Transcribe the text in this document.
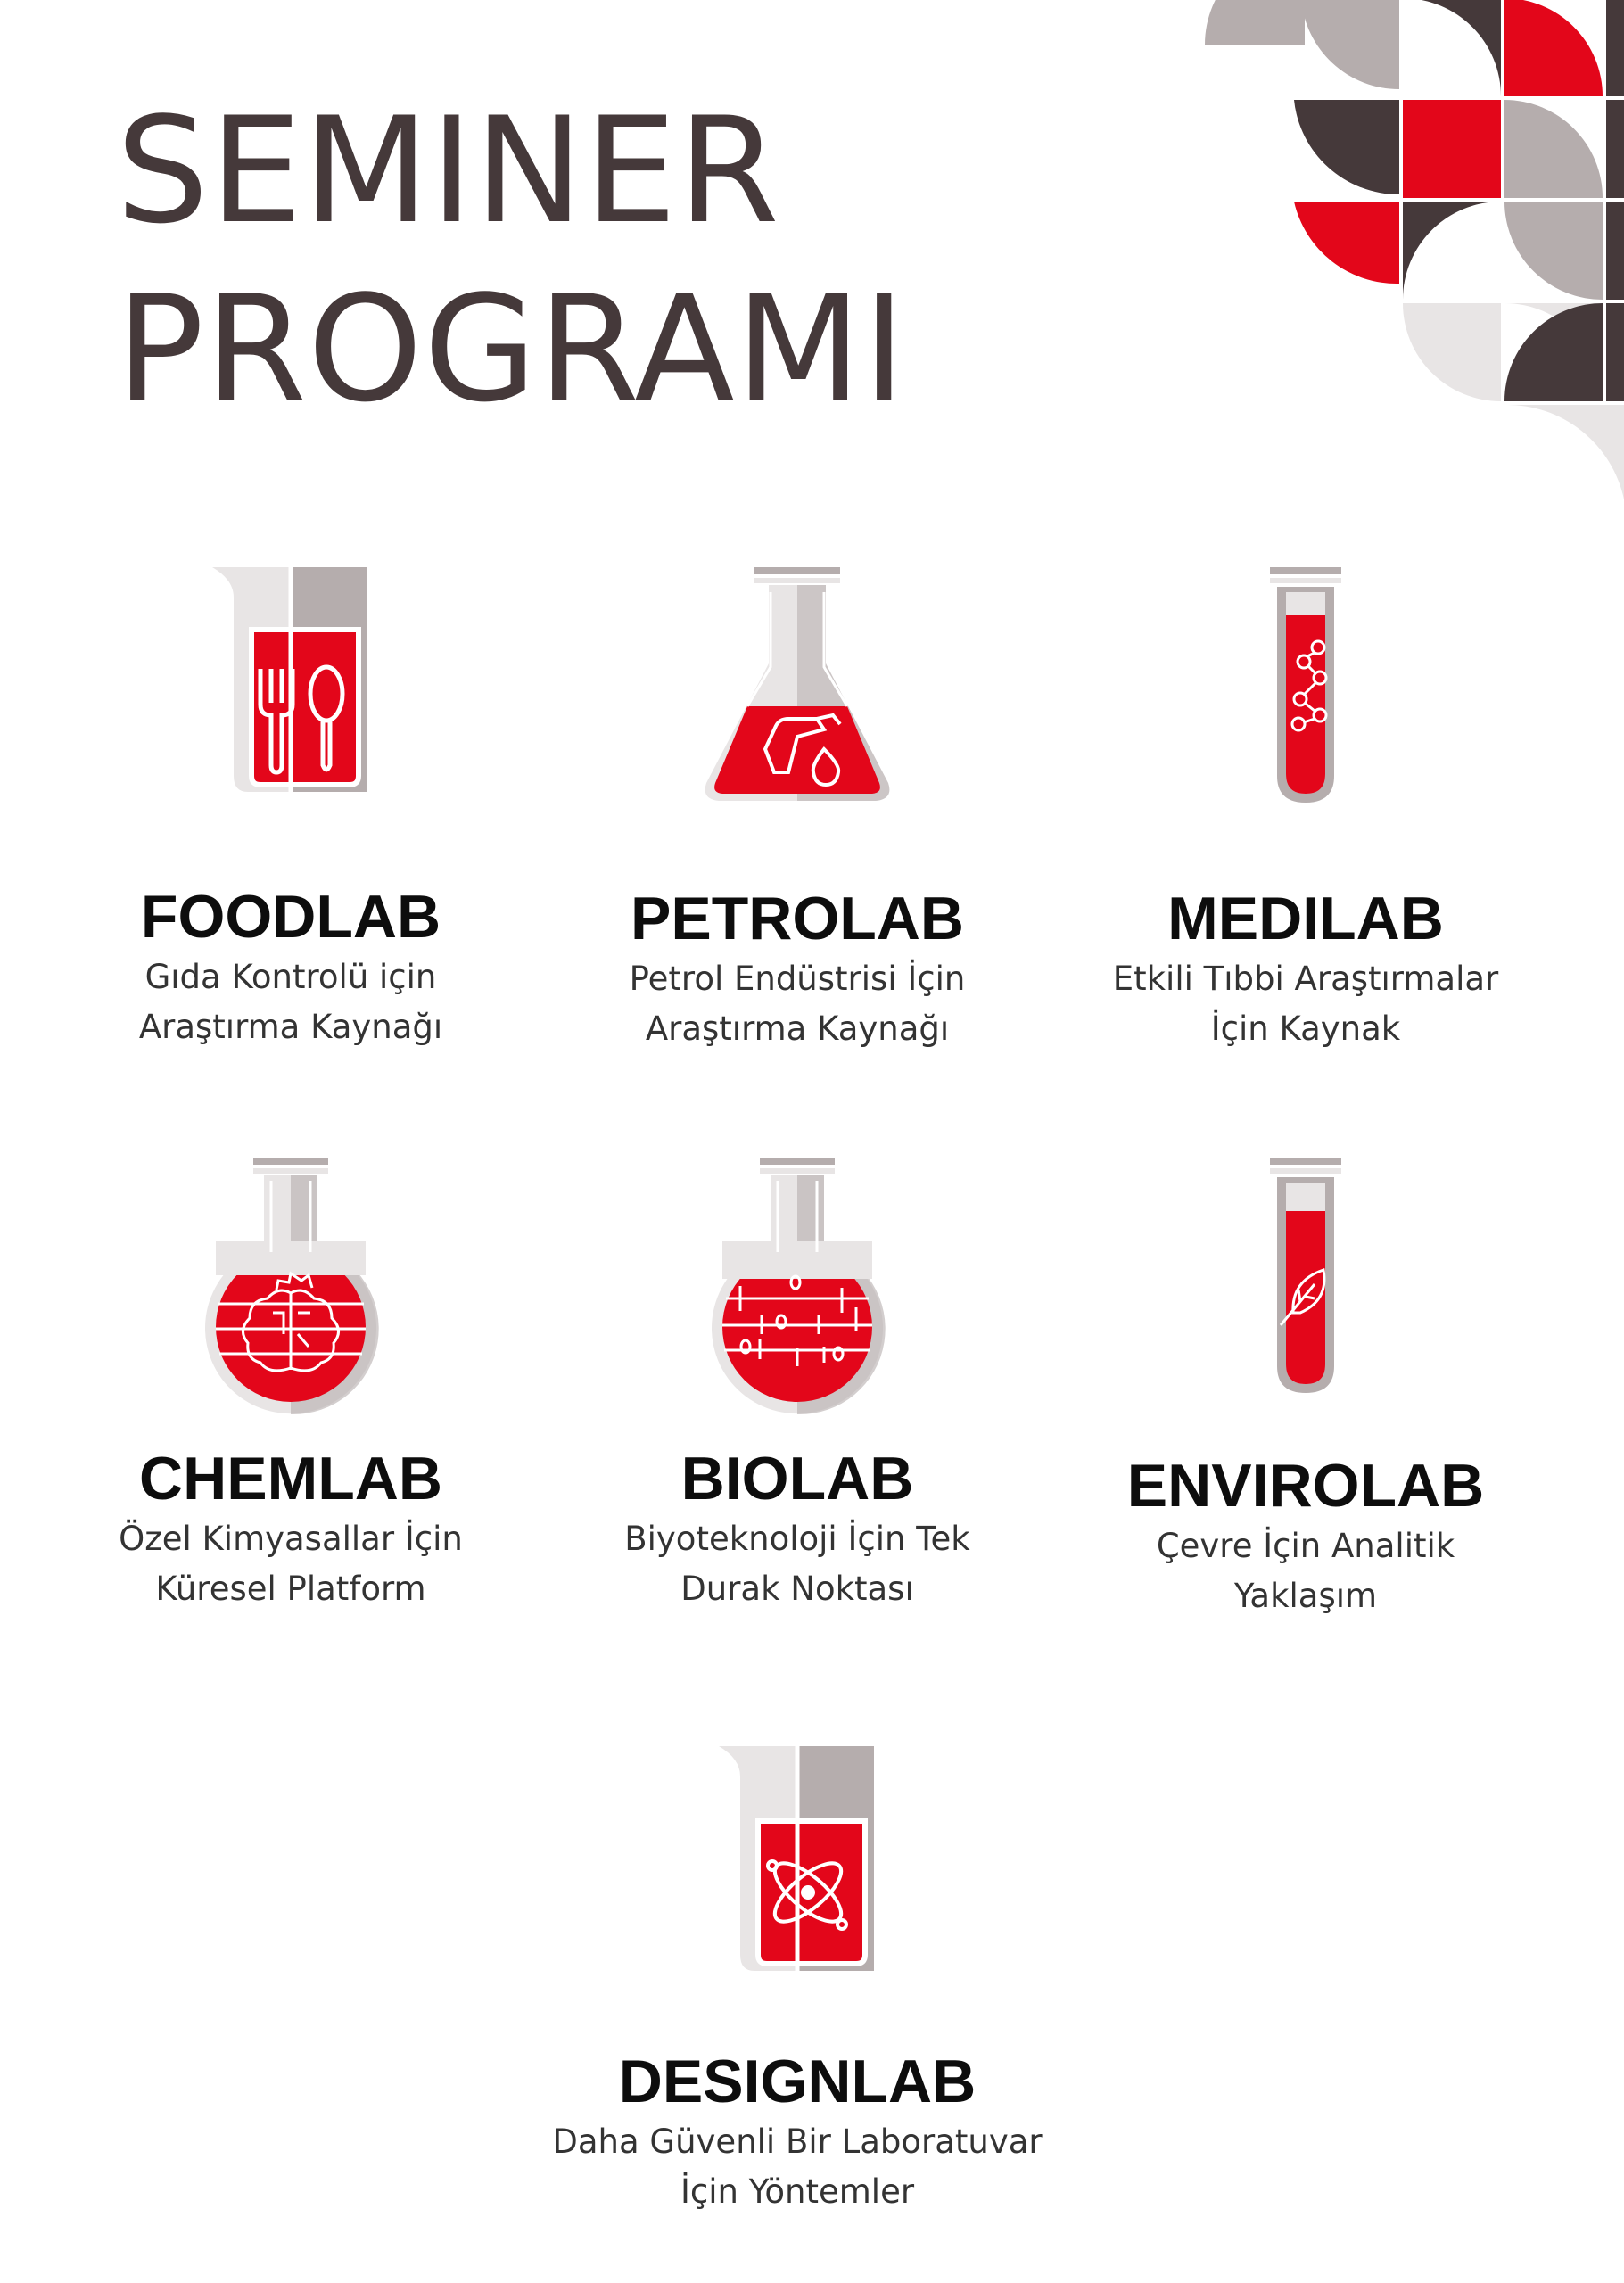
SEMINER
PROGRAMI

FOODLAB

Gıda Kontrolü için
Araştırma Kaynağı

PETROLAB

Petrol Endüstrisi İçin
Araştırma Kaynağı

MEDILAB

Etkili Tıbbi Araştırmalar
İçin Kaynak

CHEMLAB

Özel Kimyasallar İçin
Küresel Platform

BIOLAB

Biyoteknoloji İçin Tek
Durak Noktası

ENVIROLAB

Çevre İçin Analitik
Yaklaşım

DESIGNLAB

Daha Güvenli Bir Laboratuvar
İçin Yöntemler
